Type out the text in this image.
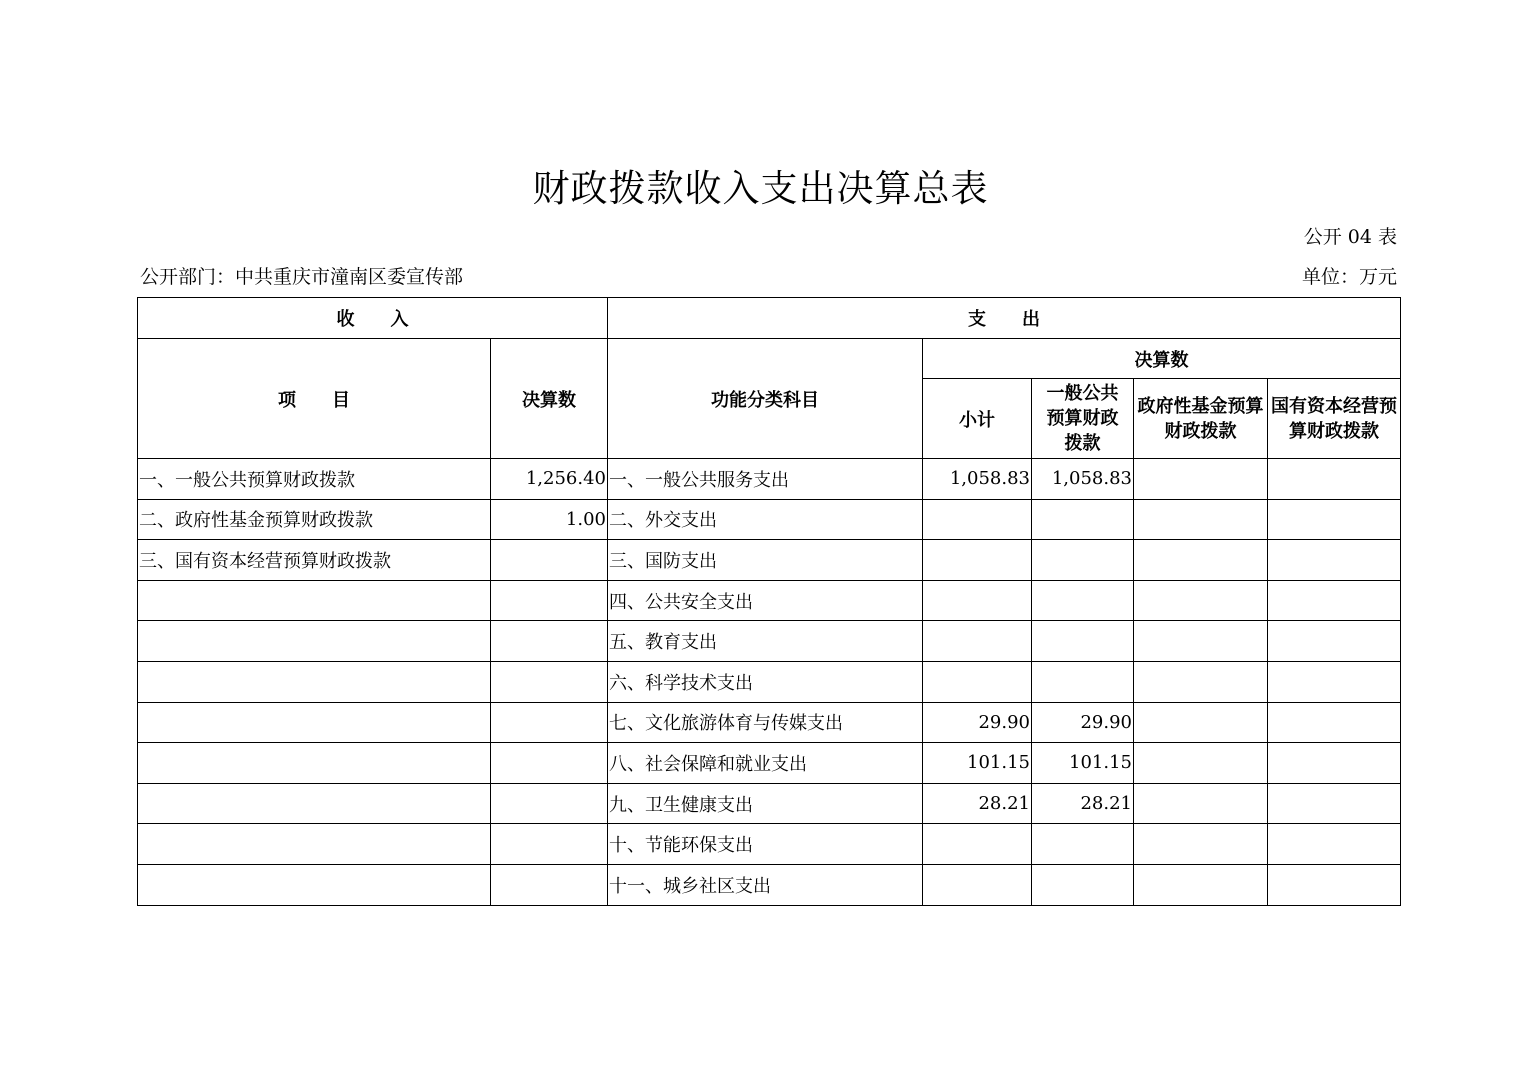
财政拨款收入支出决算总表
公开 04 表
公开部门：中共重庆市潼南区委宣传部	单位：万元
收　　入		支　　出				
项　　目	决算数	功能分类科目	决算数			
			小计	一般公共预算财政拨款	政府性基金预算财政拨款	国有资本经营预算财政拨款
一、一般公共预算财政拨款	1,256.40	一、一般公共服务支出	1,058.83	1,058.83		
二、政府性基金预算财政拨款	1.00	二、外交支出				
三、国有资本经营预算财政拨款		三、国防支出				
		四、公共安全支出				
		五、教育支出				
		六、科学技术支出				
		七、文化旅游体育与传媒支出	29.90	29.90		
		八、社会保障和就业支出	101.15	101.15		
		九、卫生健康支出	28.21	28.21		
		十、节能环保支出				
		十一、城乡社区支出				
